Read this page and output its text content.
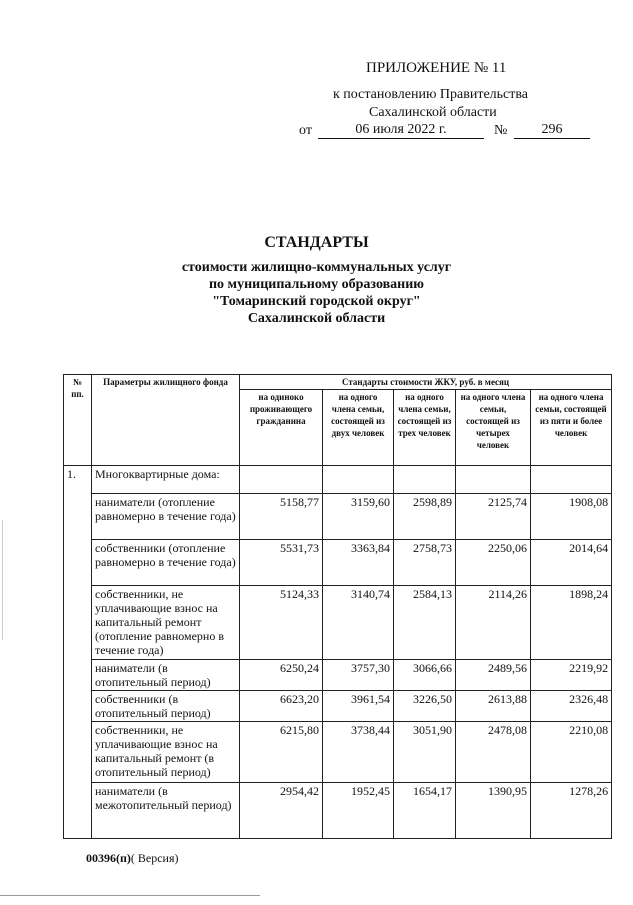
ПРИЛОЖЕНИЕ № 11
к постановлению Правительства
Сахалинской области
от	06 июля 2022 г.	№	296
СТАНДАРТЫ
стоимости жилищно-коммунальных услуг
по муниципальному образованию
"Томаринский городской округ"
Сахалинской области
№ пп.	Параметры жилищного фонда	Стандарты стоимости ЖКУ, руб. в месяц				
		на одиноко проживающего гражданина	на одного члена семьи, состоящей из двух человек	на одного члена семьи, состоящей из трех человек	на одного члена семьи, состоящей из четырех человек	на одного члена семьи, состоящей из пяти и более человек
1.	Многоквартирные дома:					
	наниматели (отопление равномерно в течение года)	5158,77	3159,60	2598,89	2125,74	1908,08
	собственники (отопление равномерно в течение года)	5531,73	3363,84	2758,73	2250,06	2014,64
	собственники, не уплачивающие взнос на капитальный ремонт (отопление равномерно в течение года)	5124,33	3140,74	2584,13	2114,26	1898,24
	наниматели (в отопительный период)	6250,24	3757,30	3066,66	2489,56	2219,92
	собственники (в отопительный период)	6623,20	3961,54	3226,50	2613,88	2326,48
	собственники, не уплачивающие взнос на капитальный ремонт (в отопительный период)	6215,80	3738,44	3051,90	2478,08	2210,08
	наниматели (в межотопительный период)	2954,42	1952,45	1654,17	1390,95	1278,26
00396(п)( Версия)
